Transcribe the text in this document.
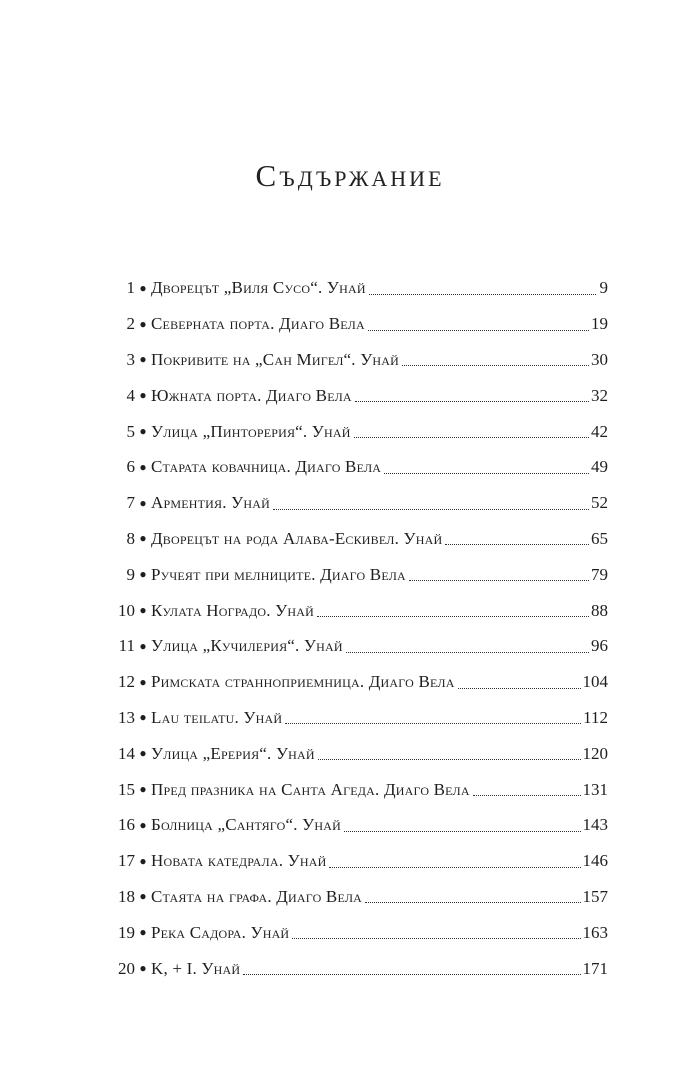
Съдържание
1 ● Дворецът „Виля Сусо“. Унай	9
2 ● Северната порта. Диаго Вела	19
3 ● Покривите на „Сан Мигел“. Унай	30
4 ● Южната порта. Диаго Вела	32
5 ● Улица „Пинторерия“. Унай	42
6 ● Старата ковачница. Диаго Вела	49
7 ● Арментия. Унай	52
8 ● Дворецът на рода Алава-Ескивел. Унай	65
9 ● Ручеят при мелниците. Диаго Вела	79
10 ● Кулата Ноградо. Унай	88
11 ● Улица „Кучилерия“. Унай	96
12 ● Римската странноприемница. Диаго Вела	104
13 ● Lau teilatu. Унай	112
14 ● Улица „Ерерия“. Унай	120
15 ● Пред празника на Санта Агеда. Диаго Вела	131
16 ● Болница „Сантяго“. Унай	143
17 ● Новата катедрала. Унай	146
18 ● Стаята на графа. Диаго Вела	157
19 ● Река Садора. Унай	163
20 ● K, + I. Унай	171
